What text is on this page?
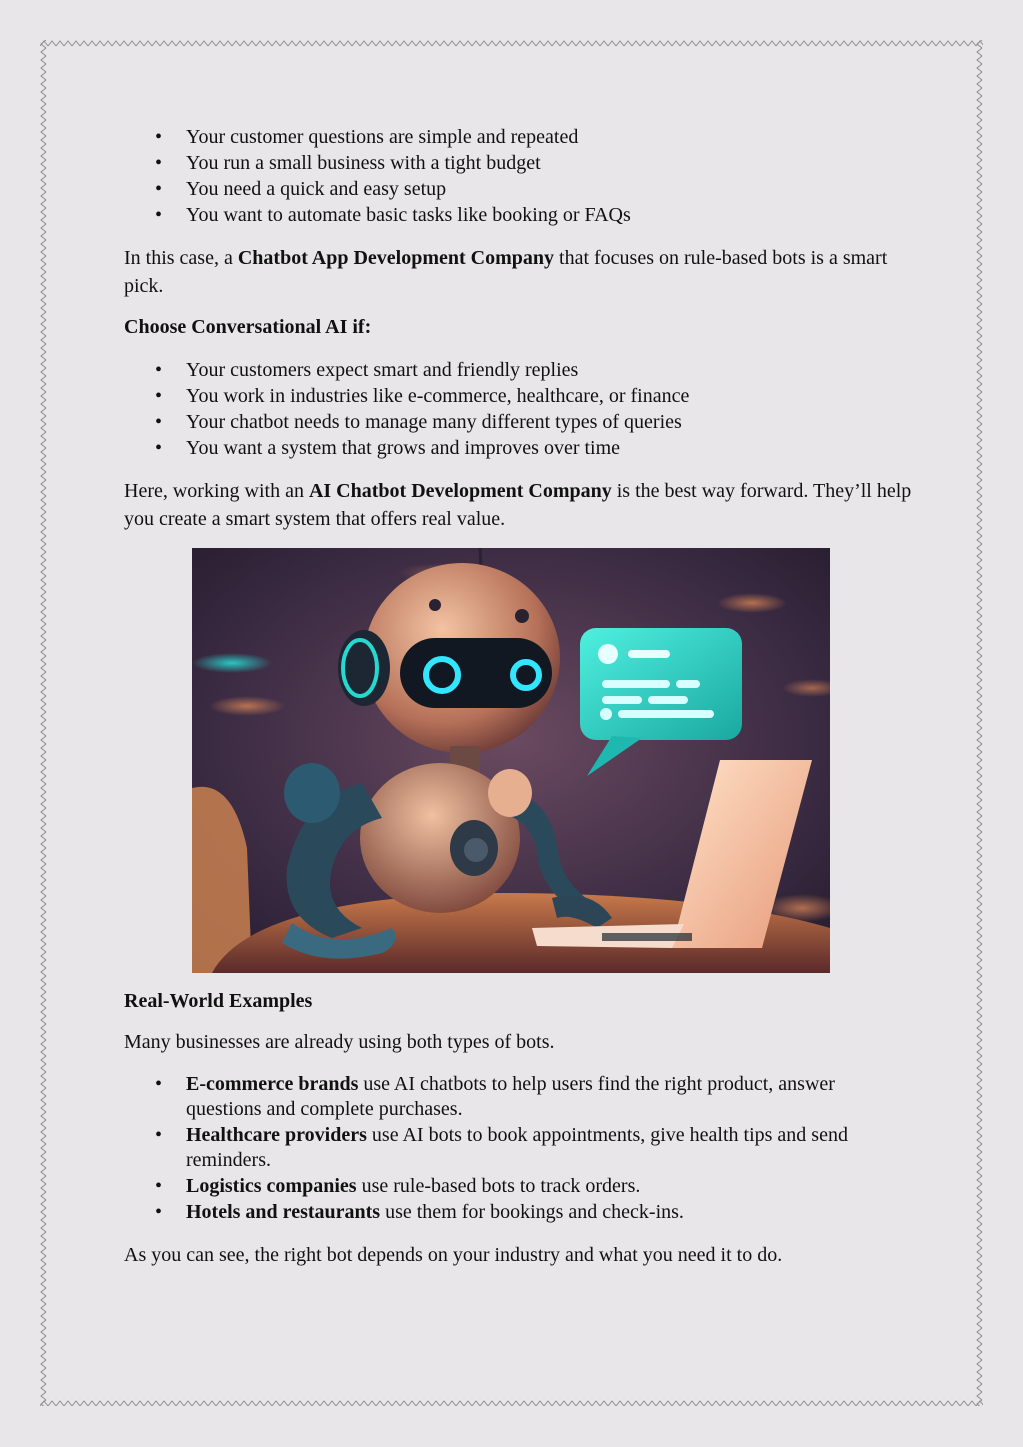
• Your customer questions are simple and repeated
• You run a small business with a tight budget
• You need a quick and easy setup
• You want to automate basic tasks like booking or FAQs

In this case, a Chatbot App Development Company that focuses on rule-based bots is a smart pick.

Choose Conversational AI if:

• Your customers expect smart and friendly replies
• You work in industries like e-commerce, healthcare, or finance
• Your chatbot needs to manage many different types of queries
• You want a system that grows and improves over time

Here, working with an AI Chatbot Development Company is the best way forward. They’ll help you create a smart system that offers real value.

Real-World Examples

Many businesses are already using both types of bots.

• E-commerce brands use AI chatbots to help users find the right product, answer questions and complete purchases.
• Healthcare providers use AI bots to book appointments, give health tips and send reminders.
• Logistics companies use rule-based bots to track orders.
• Hotels and restaurants use them for bookings and check-ins.

As you can see, the right bot depends on your industry and what you need it to do.
